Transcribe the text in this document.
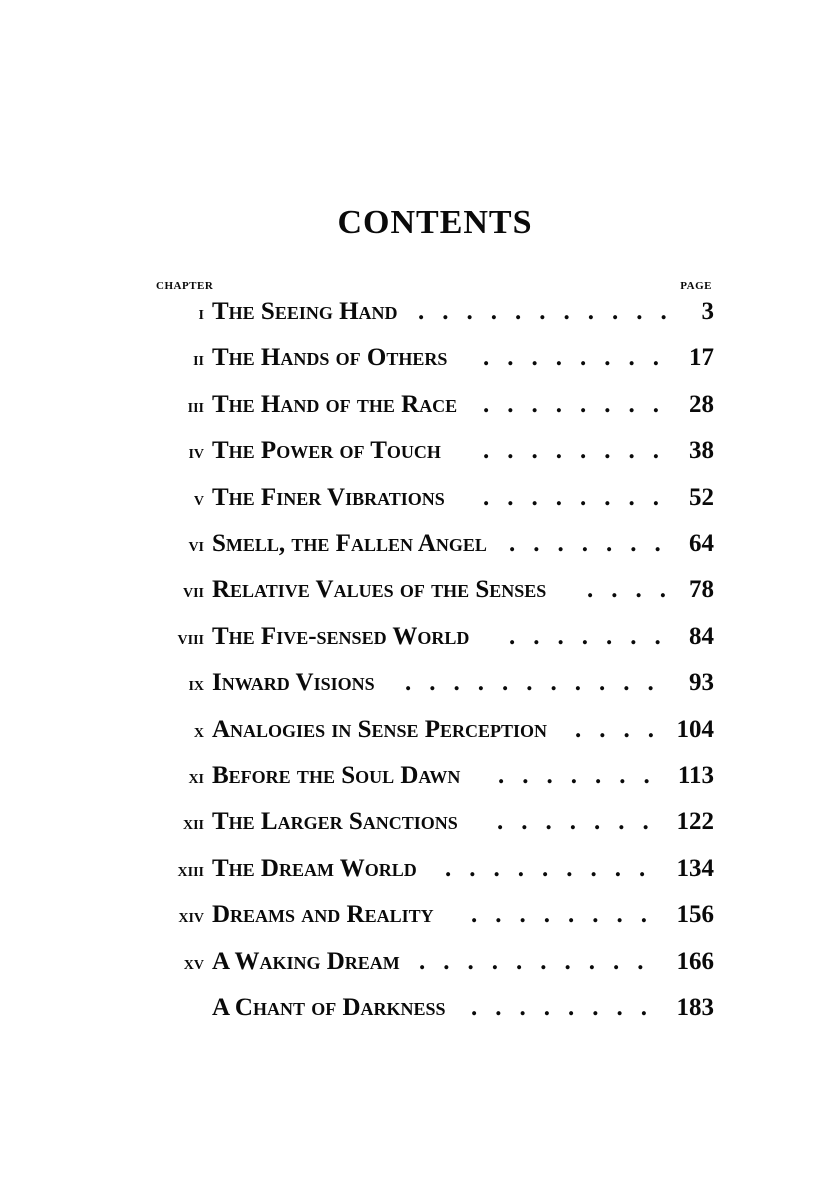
CONTENTS
CHAPTER	PAGE
i The Seeing Hand ........... 3
ii The Hands of Others ........ 17
iii The Hand of the Race ........ 28
iv The Power of Touch ........ 38
v The Finer Vibrations ........ 52
vi Smell, the Fallen Angel ....... 64
vii Relative Values of the Senses .... 78
viii The Five-sensed World ....... 84
ix Inward Visions ........... 93
x Analogies in Sense Perception .... 104
xi Before the Soul Dawn ....... 113
xii The Larger Sanctions ....... 122
xiii The Dream World ......... 134
xiv Dreams and Reality ........ 156
xv A Waking Dream .......... 166
A Chant of Darkness ........ 183
